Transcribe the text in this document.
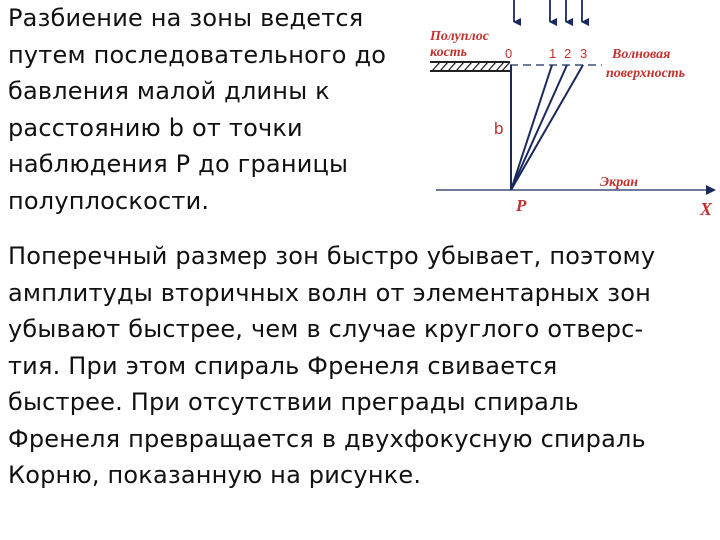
Разбиение на зоны ведется
путем последовательного до
бавления малой длины к
расстоянию b от точки
наблюдения P до границы
полуплоскости.
Поперечный размер зон быстро убывает, поэтому
амплитуды вторичных волн от элементарных зон
убывают быстрее, чем в случае круглого отверс-
тия. При этом спираль Френеля свивается
быстрее. При отсутствии преграды спираль
Френеля превращается в двухфокусную спираль
Корню, показанную на рисунке.
Полуплос
кость	Волновая
поверхность
0	1 2 3
b
Экран
P	X
